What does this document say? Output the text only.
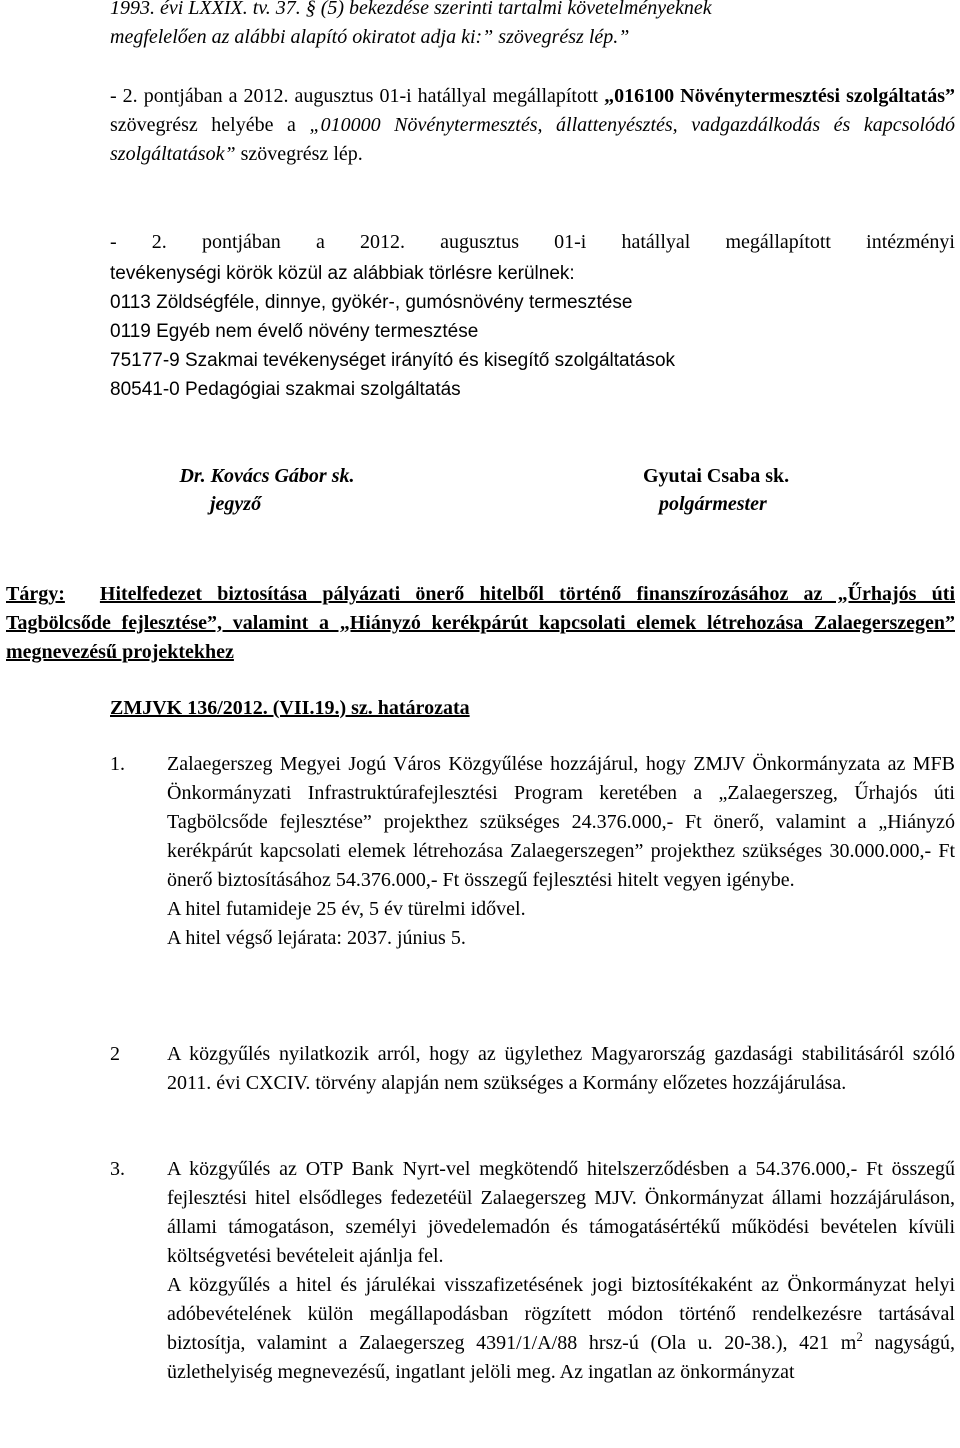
1993. évi LXXIX. tv. 37. § (5) bekezdése szerinti tartalmi követelményeknek
megfelelően az alábbi alapító okiratot adja ki:” szövegrész lép.”
- 2. pontjában a 2012. augusztus 01-i hatállyal megállapított „016100 Növénytermesztési szolgáltatás” szövegrész helyébe a „010000 Növénytermesztés, állattenyésztés, vadgazdálkodás és kapcsolódó szolgáltatások” szövegrész lép.
- 2. pontjában a 2012. augusztus 01-i hatállyal megállapított intézményi
tevékenységi körök közül az alábbiak törlésre kerülnek:
0113 Zöldségféle, dinnye, gyökér-, gumósnövény termesztése
0119 Egyéb nem évelő növény termesztése
75177-9 Szakmai tevékenységet irányító és kisegítő szolgáltatások
80541-0 Pedagógiai szakmai szolgáltatás
Dr. Kovács Gábor sk.
jegyző
Gyutai Csaba sk.
polgármester
Tárgy: Hitelfedezet biztosítása pályázati önerő hitelből történő finanszírozásához az „Űrhajós úti Tagbölcsőde fejlesztése”, valamint a „Hiányzó kerékpárút kapcsolati elemek létrehozása Zalaegerszegen” megnevezésű projektekhez
ZMJVK 136/2012. (VII.19.) sz. határozata
1. Zalaegerszeg Megyei Jogú Város Közgyűlése hozzájárul, hogy ZMJV Önkormányzata az MFB Önkormányzati Infrastruktúrafejlesztési Program keretében a „Zalaegerszeg, Űrhajós úti Tagbölcsőde fejlesztése” projekthez szükséges 24.376.000,- Ft önerő, valamint a „Hiányzó kerékpárút kapcsolati elemek létrehozása Zalaegerszegen” projekthez szükséges 30.000.000,- Ft önerő biztosításához 54.376.000,- Ft összegű fejlesztési hitelt vegyen igénybe.
A hitel futamideje 25 év, 5 év türelmi idővel.
A hitel végső lejárata: 2037. június 5.
2 A közgyűlés nyilatkozik arról, hogy az ügylethez Magyarország gazdasági stabilitásáról szóló 2011. évi CXCIV. törvény alapján nem szükséges a Kormány előzetes hozzájárulása.
3. A közgyűlés az OTP Bank Nyrt-vel megkötendő hitelszerződésben a 54.376.000,- Ft összegű fejlesztési hitel elsődleges fedezetéül Zalaegerszeg MJV. Önkormányzat állami hozzájáruláson, állami támogatáson, személyi jövedelemadón és támogatásértékű működési bevételen kívüli költségvetési bevételeit ajánlja fel.
A közgyűlés a hitel és járulékai visszafizetésének jogi biztosítékaként az Önkormányzat helyi adóbevételének külön megállapodásban rögzített módon történő rendelkezésre tartásával biztosítja, valamint a Zalaegerszeg 4391/1/A/88 hrsz-ú (Ola u. 20-38.), 421 $m^2$ nagyságú, üzlethelyiség megnevezésű, ingatlant jelöli meg. Az ingatlan az önkormányzat
